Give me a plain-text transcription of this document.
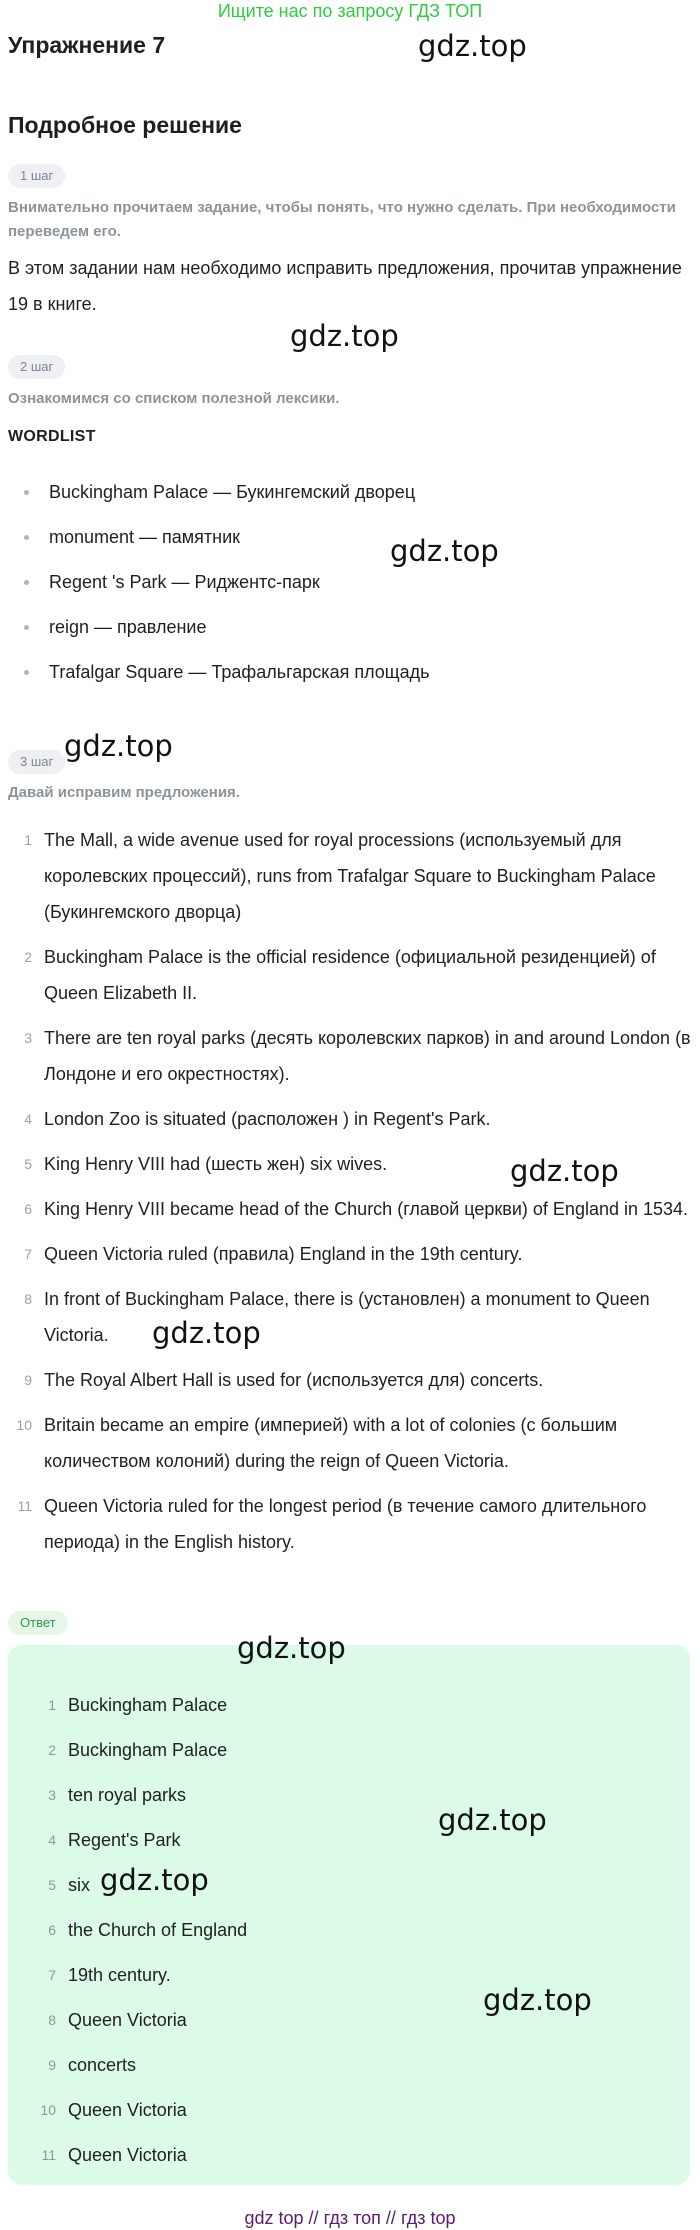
Ищите нас по запросу ГДЗ ТОП
Упражнение 7
Подробное решение
1 шаг
Внимательно прочитаем задание, чтобы понять, что нужно сделать. При необходимости переведем его.
В этом задании нам необходимо исправить предложения, прочитав упражнение 19 в книге.
2 шаг
Ознакомимся со списком полезной лексики.
WORDLIST
Buckingham Palace — Букингемский дворец
monument — памятник
Regent 's Park — Риджентс-парк
reign — правление
Trafalgar Square — Трафальгарская площадь
3 шаг
Давай исправим предложения.
1 The Mall, a wide avenue used for royal processions (используемый для королевских процессий), runs from Trafalgar Square to Buckingham Palace (Букингемского дворца)
2 Buckingham Palace is the official residence (официальной резиденцией) of Queen Elizabeth II.
3 There are ten royal parks (десять королевских парков) in and around London (в Лондоне и его окрестностях).
4 London Zoo is situated (расположен ) in Regent's Park.
5 King Henry VIII had (шесть жен) six wives.
6 King Henry VIII became head of the Church (главой церкви) of England in 1534.
7 Queen Victoria ruled (правила) England in the 19th century.
8 In front of Buckingham Palace, there is (установлен) a monument to Queen Victoria.
9 The Royal Albert Hall is used for (используется для) concerts.
10 Britain became an empire (империей) with a lot of colonies (с большим количеством колоний) during the reign of Queen Victoria.
11 Queen Victoria ruled for the longest period (в течение самого длительного периода) in the English history.
Ответ
1 Buckingham Palace
2 Buckingham Palace
3 ten royal parks
4 Regent's Park
5 six
6 the Church of England
7 19th century.
8 Queen Victoria
9 concerts
10 Queen Victoria
11 Queen Victoria
gdz.top
gdz.top
gdz.top
gdz.top
gdz.top
gdz.top
gdz.top
gdz.top
gdz.top
gdz.top
gdz top // гдз топ // гдз top
